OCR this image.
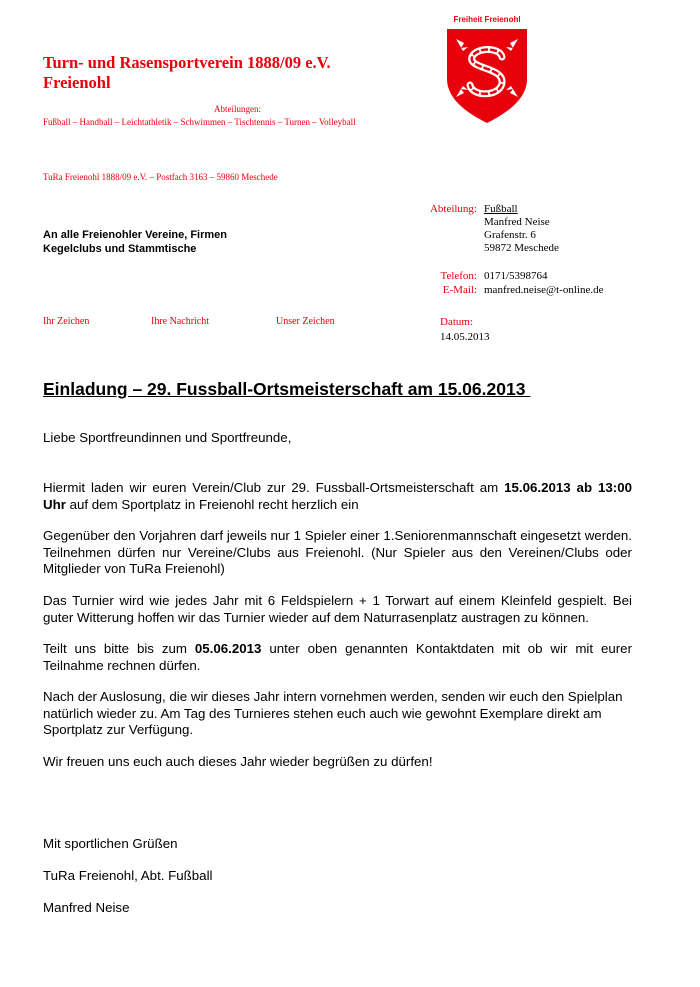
Turn- und Rasensportverein 1888/09 e.V.
Freienohl
Abteilungen:
Fußball – Handball – Leichtathletik – Schwimmen – Tischtennis – Turnen – Volleyball
TuRa Freienohl 1888/09 e.V. – Postfach 3163 – 59860 Meschede
Freiheit Freienohl
An alle Freienohler Vereine, Firmen
Kegelclubs und Stammtische
Abteilung: Fußball
Manfred Neise
Grafenstr. 6
59872 Meschede
Telefon: 0171/5398764
E-Mail: manfred.neise@t-online.de
Ihr Zeichen	Ihre Nachricht	Unser Zeichen	Datum:
14.05.2013
Einladung – 29. Fussball-Ortsmeisterschaft am 15.06.2013
Liebe Sportfreundinnen und Sportfreunde,
Hiermit laden wir euren Verein/Club zur 29. Fussball-Ortsmeisterschaft am 15.06.2013 ab 13:00 Uhr auf dem Sportplatz in Freienohl recht herzlich ein
Gegenüber den Vorjahren darf jeweils nur 1 Spieler einer 1.Seniorenmannschaft eingesetzt werden. Teilnehmen dürfen nur Vereine/Clubs aus Freienohl. (Nur Spieler aus den Vereinen/Clubs oder Mitglieder von TuRa Freienohl)
Das Turnier wird wie jedes Jahr mit 6 Feldspielern + 1 Torwart auf einem Kleinfeld gespielt. Bei guter Witterung hoffen wir das Turnier wieder auf dem Naturrasenplatz austragen zu können.
Teilt uns bitte bis zum 05.06.2013 unter oben genannten Kontaktdaten mit ob wir mit eurer Teilnahme rechnen dürfen.
Nach der Auslosung, die wir dieses Jahr intern vornehmen werden, senden wir euch den Spielplan natürlich wieder zu. Am Tag des Turnieres stehen euch auch wie gewohnt Exemplare direkt am Sportplatz zur Verfügung.
Wir freuen uns euch auch dieses Jahr wieder begrüßen zu dürfen!
Mit sportlichen Grüßen
TuRa Freienohl, Abt. Fußball
Manfred Neise
